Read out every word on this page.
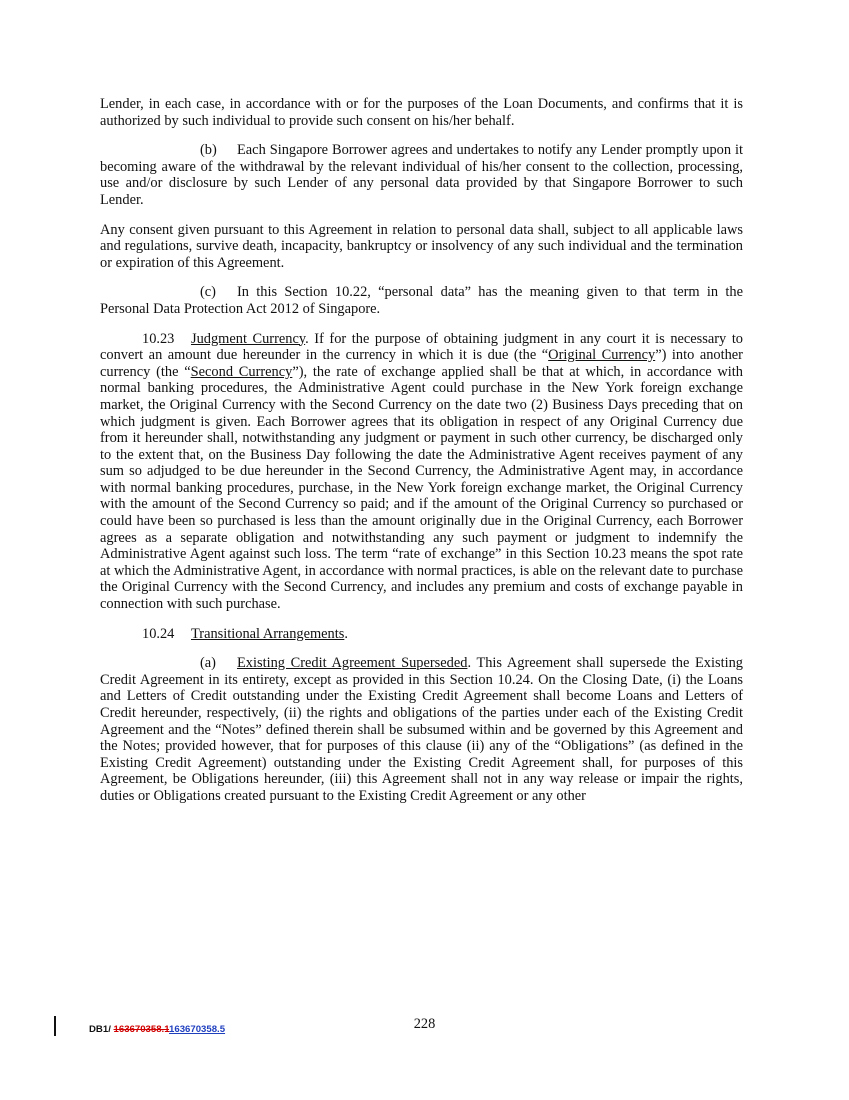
Lender, in each case, in accordance with or for the purposes of the Loan Documents, and confirms that it is authorized by such individual to provide such consent on his/her behalf.

(b) Each Singapore Borrower agrees and undertakes to notify any Lender promptly upon it becoming aware of the withdrawal by the relevant individual of his/her consent to the collection, processing, use and/or disclosure by such Lender of any personal data provided by that Singapore Borrower to such Lender.

Any consent given pursuant to this Agreement in relation to personal data shall, subject to all applicable laws and regulations, survive death, incapacity, bankruptcy or insolvency of any such individual and the termination or expiration of this Agreement.

(c) In this Section 10.22, “personal data” has the meaning given to that term in the Personal Data Protection Act 2012 of Singapore.

10.23 Judgment Currency. If for the purpose of obtaining judgment in any court it is necessary to convert an amount due hereunder in the currency in which it is due (the “Original Currency”) into another currency (the “Second Currency”), the rate of exchange applied shall be that at which, in accordance with normal banking procedures, the Administrative Agent could purchase in the New York foreign exchange market, the Original Currency with the Second Currency on the date two (2) Business Days preceding that on which judgment is given. Each Borrower agrees that its obligation in respect of any Original Currency due from it hereunder shall, notwithstanding any judgment or payment in such other currency, be discharged only to the extent that, on the Business Day following the date the Administrative Agent receives payment of any sum so adjudged to be due hereunder in the Second Currency, the Administrative Agent may, in accordance with normal banking procedures, purchase, in the New York foreign exchange market, the Original Currency with the amount of the Second Currency so paid; and if the amount of the Original Currency so purchased or could have been so purchased is less than the amount originally due in the Original Currency, each Borrower agrees as a separate obligation and notwithstanding any such payment or judgment to indemnify the Administrative Agent against such loss. The term “rate of exchange” in this Section 10.23 means the spot rate at which the Administrative Agent, in accordance with normal practices, is able on the relevant date to purchase the Original Currency with the Second Currency, and includes any premium and costs of exchange payable in connection with such purchase.

10.24 Transitional Arrangements.

(a) Existing Credit Agreement Superseded. This Agreement shall supersede the Existing Credit Agreement in its entirety, except as provided in this Section 10.24. On the Closing Date, (i) the Loans and Letters of Credit outstanding under the Existing Credit Agreement shall become Loans and Letters of Credit hereunder, respectively, (ii) the rights and obligations of the parties under each of the Existing Credit Agreement and the “Notes” defined therein shall be subsumed within and be governed by this Agreement and the Notes; provided however, that for purposes of this clause (ii) any of the “Obligations” (as defined in the Existing Credit Agreement) outstanding under the Existing Credit Agreement shall, for purposes of this Agreement, be Obligations hereunder, (iii) this Agreement shall not in any way release or impair the rights, duties or Obligations created pursuant to the Existing Credit Agreement or any other

DB1/ 163670358.1163670358.5	228
